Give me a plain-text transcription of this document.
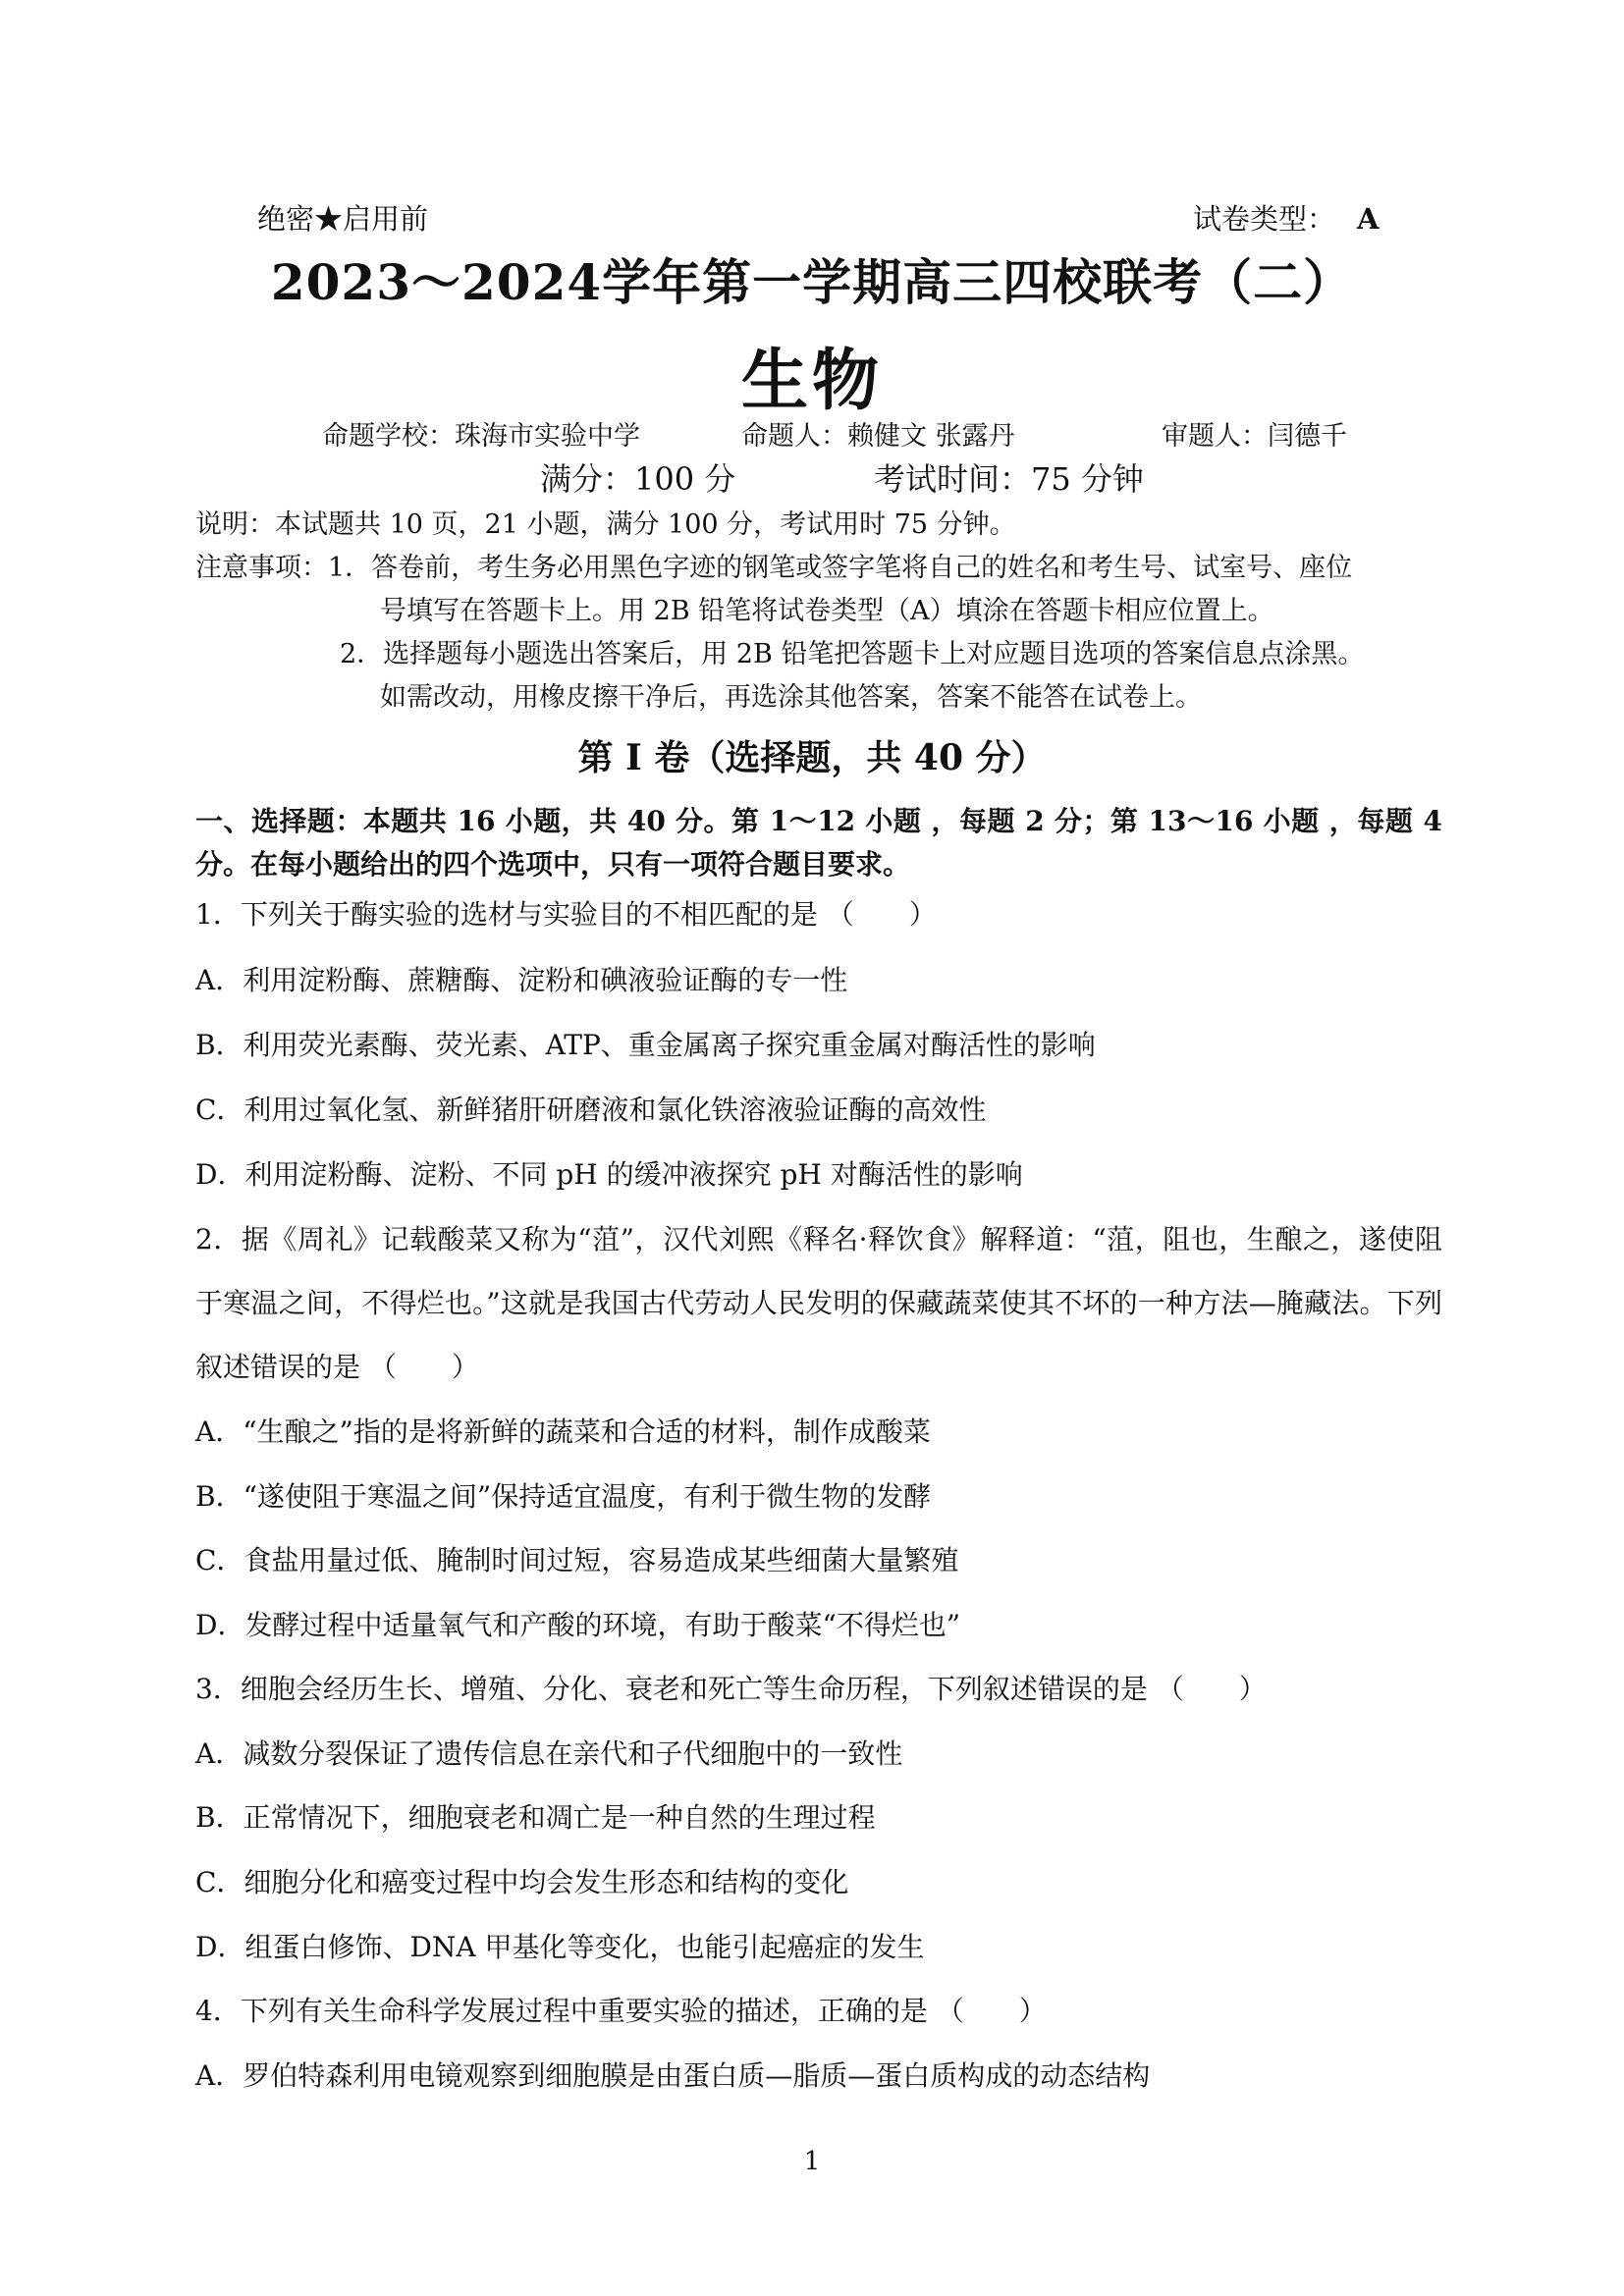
绝密★启用前	试卷类型： A
2023～2024学年第一学期高三四校联考（二）
生物
命题学校：珠海市实验中学	命题人：赖健文 张露丹	审题人：闫德千
满分：100 分	考试时间：75 分钟
说明：本试题共 10 页，21 小题，满分 100 分，考试用时 75 分钟。
注意事项：1．答卷前，考生务必用黑色字迹的钢笔或签字笔将自己的姓名和考生号、试室号、座位
号填写在答题卡上。用 2B 铅笔将试卷类型（A）填涂在答题卡相应位置上。
2．选择题每小题选出答案后，用 2B 铅笔把答题卡上对应题目选项的答案信息点涂黑。
如需改动，用橡皮擦干净后，再选涂其他答案，答案不能答在试卷上。
第 I 卷（选择题，共 40 分）
一、选择题：本题共 16 小题，共 40 分。第 1～12 小题 ，每题 2 分；第 13～16 小题 ，每题 4 分。在每小题给出的四个选项中，只有一项符合题目要求。
1．下列关于酶实验的选材与实验目的不相匹配的是 （　　）
A．利用淀粉酶、蔗糖酶、淀粉和碘液验证酶的专一性
B．利用荧光素酶、荧光素、ATP、重金属离子探究重金属对酶活性的影响
C．利用过氧化氢、新鲜猪肝研磨液和氯化铁溶液验证酶的高效性
D．利用淀粉酶、淀粉、不同 pH 的缓冲液探究 pH 对酶活性的影响
2．据《周礼》记载酸菜又称为“菹”，汉代刘熙《释名·释饮食》解释道：“菹，阻也，生酿之，遂使阻于寒温之间，不得烂也。”这就是我国古代劳动人民发明的保藏蔬菜使其不坏的一种方法—腌藏法。下列叙述错误的是 （　　）
A．“生酿之”指的是将新鲜的蔬菜和合适的材料，制作成酸菜
B．“遂使阻于寒温之间”保持适宜温度，有利于微生物的发酵
C．食盐用量过低、腌制时间过短，容易造成某些细菌大量繁殖
D．发酵过程中适量氧气和产酸的环境，有助于酸菜“不得烂也”
3．细胞会经历生长、增殖、分化、衰老和死亡等生命历程，下列叙述错误的是 （　　）
A．减数分裂保证了遗传信息在亲代和子代细胞中的一致性
B．正常情况下，细胞衰老和凋亡是一种自然的生理过程
C．细胞分化和癌变过程中均会发生形态和结构的变化
D．组蛋白修饰、DNA 甲基化等变化，也能引起癌症的发生
4．下列有关生命科学发展过程中重要实验的描述，正确的是 （　　）
A．罗伯特森利用电镜观察到细胞膜是由蛋白质—脂质—蛋白质构成的动态结构
1
